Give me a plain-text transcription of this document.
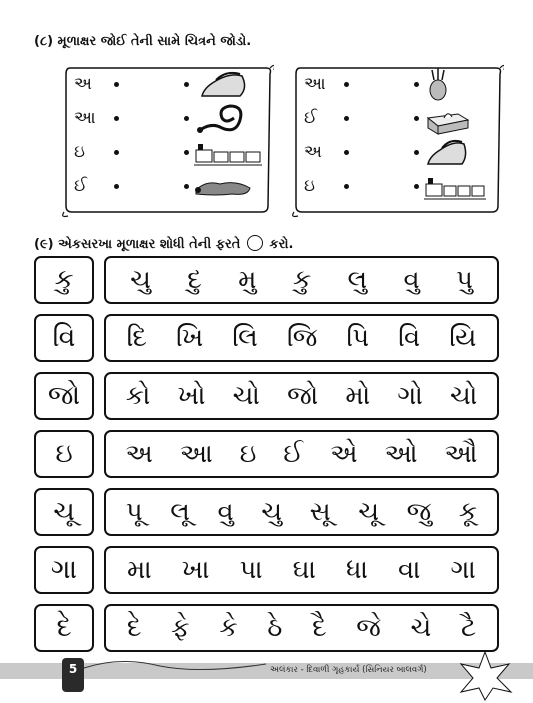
(૮) મૂળાક્ષર જોઈ તેની સામે ચિત્રને જોડો.
અ
આ
ઇ
ઈ
આ
ઈ
અ
ઇ
(૯) એકસરખા મૂળાક્ષર શોધી તેની ફરતે કરો.
કુ	ચુ દુ મુ કુ લુ વુ પુ
વિ	દિ ખિ લિ જિ પિ વિ યિ
જો	કો ખો ચો જો મો ગો ચો
ઇ	અ આ ઇ ઈ એ ઓ ઔ
ચૂ	પૂ લૂ વુ ચુ સૂ ચૂ જુ કૂ
ગા	મા ખા પા ઘા ધા વા ગા
દે	દે ફે કે ઠે દૈ જે ચે ટૈ
5	અલંકાર - દિવાળી ગૃહકાર્ય (સિનિયર બાલવર્ગ)
